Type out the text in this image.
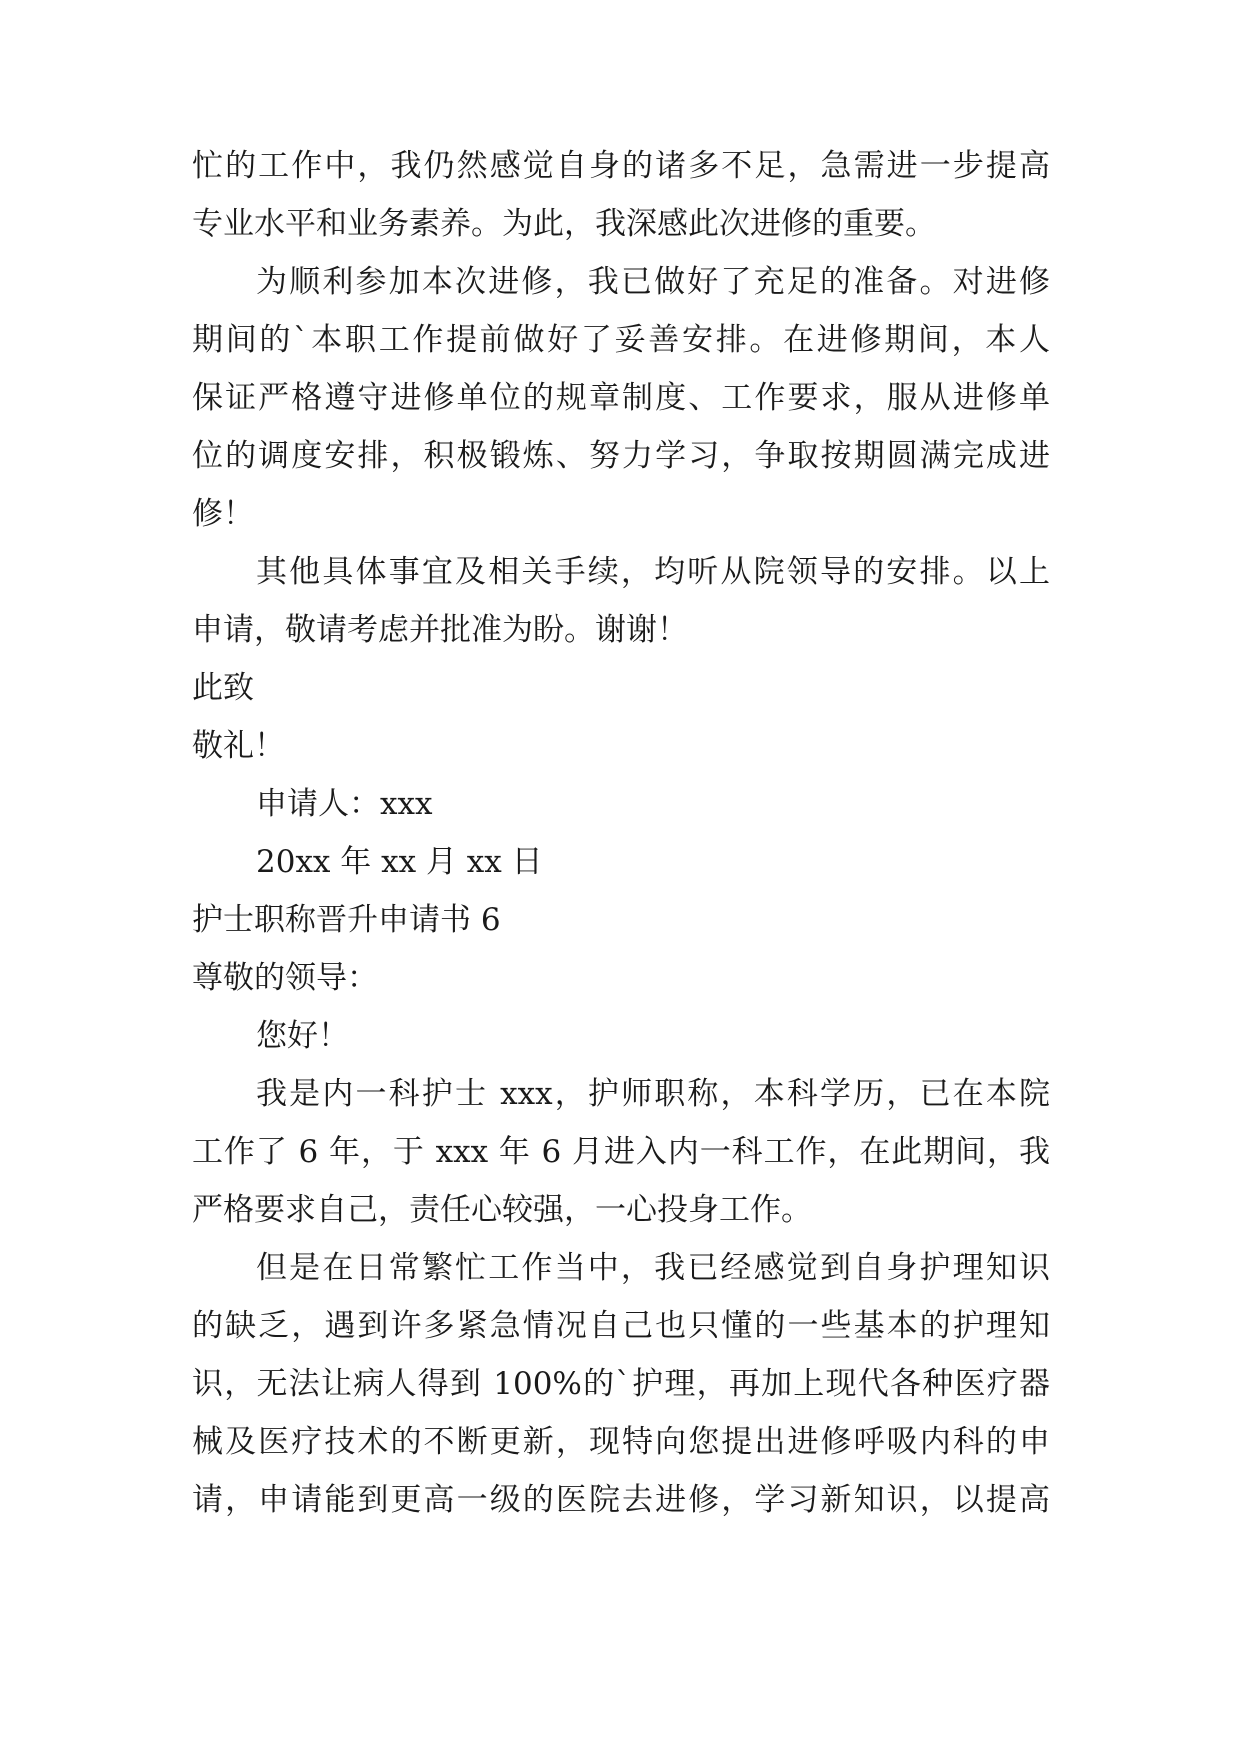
忙的工作中，我仍然感觉自身的诸多不足，急需进一步提高
专业水平和业务素养。为此，我深感此次进修的重要。
为顺利参加本次进修，我已做好了充足的准备。对进修
期间的`本职工作提前做好了妥善安排。在进修期间，本人
保证严格遵守进修单位的规章制度、工作要求，服从进修单
位的调度安排，积极锻炼、努力学习，争取按期圆满完成进
修！
其他具体事宜及相关手续，均听从院领导的安排。以上
申请，敬请考虑并批准为盼。谢谢！
此致
敬礼！
申请人：xxx
20xx 年 xx 月 xx 日
护士职称晋升申请书 6
尊敬的领导：
您好！
我是内一科护士 xxx，护师职称，本科学历，已在本院
工作了 6 年，于 xxx 年 6 月进入内一科工作，在此期间，我
严格要求自己，责任心较强，一心投身工作。
但是在日常繁忙工作当中，我已经感觉到自身护理知识
的缺乏，遇到许多紧急情况自己也只懂的一些基本的护理知
识，无法让病人得到 100%的`护理，再加上现代各种医疗器
械及医疗技术的不断更新，现特向您提出进修呼吸内科的申
请，申请能到更高一级的医院去进修，学习新知识，以提高
